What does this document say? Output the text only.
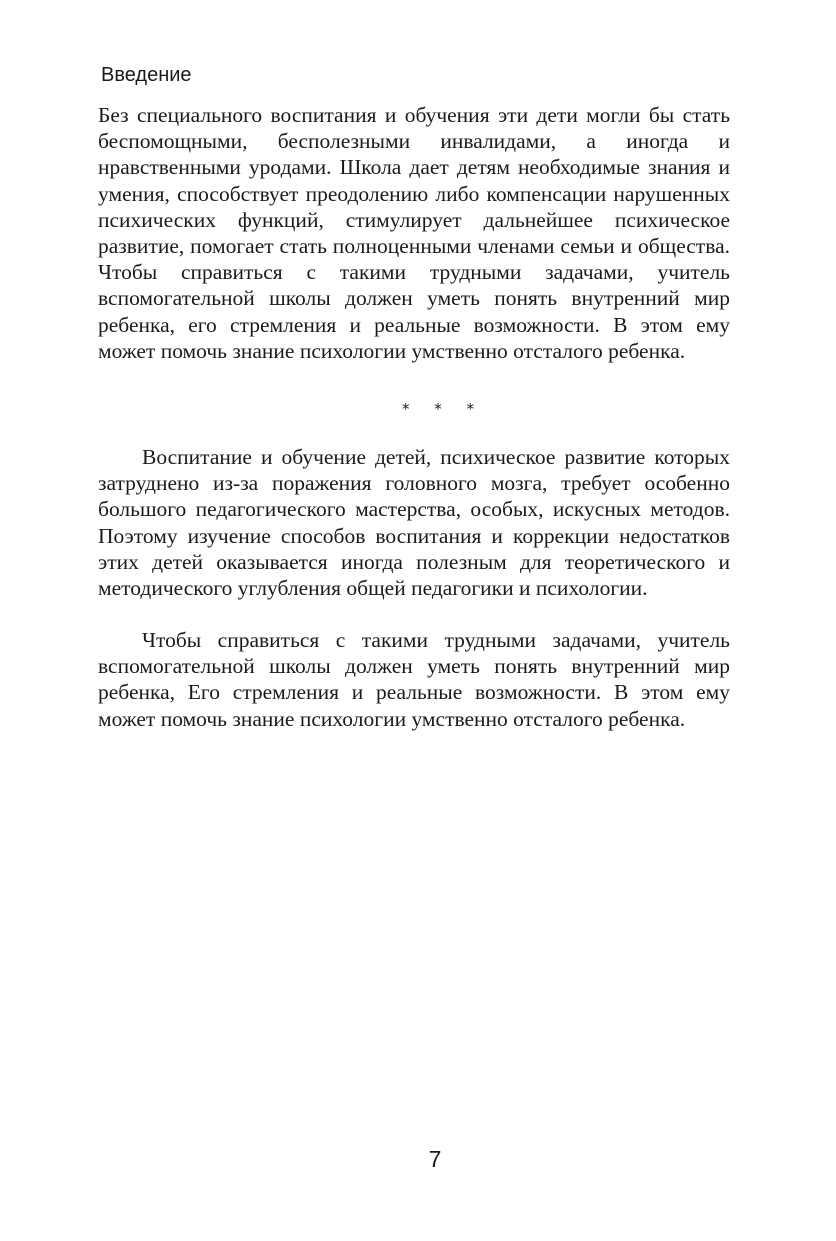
Введение

Без специального воспитания и обучения эти дети могли бы стать беспомощными, бесполезными инвалидами, а иногда и нравственными уродами. Школа дает детям необходимые знания и умения, способствует преодолению либо компенсации нарушенных психических функций, стимулирует дальнейшее психическое развитие, помогает стать полноценными членами семьи и общества. Чтобы справиться с такими трудными задачами, учитель вспомогательной школы должен уметь понять внутренний мир ребенка, его стремления и реальные возможности. В этом ему может помочь знание психологии умственно отсталого ребенка.

* * *

Воспитание и обучение детей, психическое развитие которых затруднено из-за поражения головного мозга, требует особенно большого педагогического мастерства, особых, искусных методов. Поэтому изучение способов воспитания и коррекции недостатков этих детей оказывается иногда полезным для теоретического и методического углубления общей педагогики и психологии.

Чтобы справиться с такими трудными задачами, учитель вспомогательной школы должен уметь понять внутренний мир ребенка, Его стремления и реальные возможности. В этом ему может помочь знание психологии умственно отсталого ребенка.

7
